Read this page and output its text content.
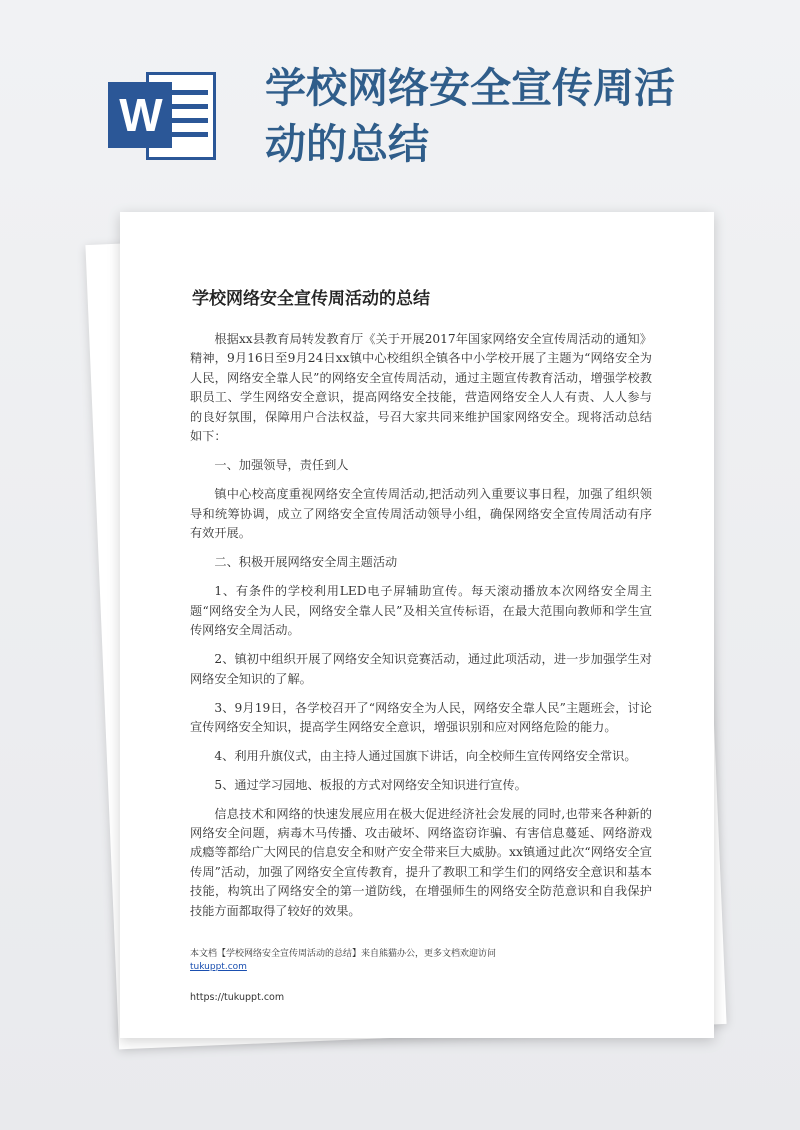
W
学校网络安全宣传周活动的总结
学校网络安全宣传周活动的总结

根据xx县教育局转发教育厅《关于开展2017年国家网络安全宣传周活动的通知》精神，9月16日至9月24日xx镇中心校组织全镇各中小学校开展了主题为“网络安全为人民，网络安全靠人民”的网络安全宣传周活动，通过主题宣传教育活动，增强学校教职员工、学生网络安全意识，提高网络安全技能，营造网络安全人人有责、人人参与的良好氛围，保障用户合法权益，号召大家共同来维护国家网络安全。现将活动总结如下：

一、加强领导，责任到人

镇中心校高度重视网络安全宣传周活动,把活动列入重要议事日程，加强了组织领导和统筹协调，成立了网络安全宣传周活动领导小组，确保网络安全宣传周活动有序有效开展。

二、积极开展网络安全周主题活动

1、有条件的学校利用LED电子屏辅助宣传。每天滚动播放本次网络安全周主题“网络安全为人民，网络安全靠人民”及相关宣传标语，在最大范围向教师和学生宣传网络安全周活动。

2、镇初中组织开展了网络安全知识竞赛活动，通过此项活动，进一步加强学生对网络安全知识的了解。

3、9月19日，各学校召开了“网络安全为人民，网络安全靠人民”主题班会，讨论宣传网络安全知识，提高学生网络安全意识，增强识别和应对网络危险的能力。

4、利用升旗仪式，由主持人通过国旗下讲话，向全校师生宣传网络安全常识。

5、通过学习园地、板报的方式对网络安全知识进行宣传。

信息技术和网络的快速发展应用在极大促进经济社会发展的同时,也带来各种新的网络安全问题，病毒木马传播、攻击破坏、网络盗窃诈骗、有害信息蔓延、网络游戏成瘾等都给广大网民的信息安全和财产安全带来巨大威胁。xx镇通过此次“网络安全宣传周”活动，加强了网络安全宣传教育，提升了教职工和学生们的网络安全意识和基本技能，构筑出了网络安全的第一道防线，在增强师生的网络安全防范意识和自我保护技能方面都取得了较好的效果。

本文档【学校网络安全宣传周活动的总结】来自熊猫办公，更多文档欢迎访问
tukuppt.com
https://tukuppt.com
